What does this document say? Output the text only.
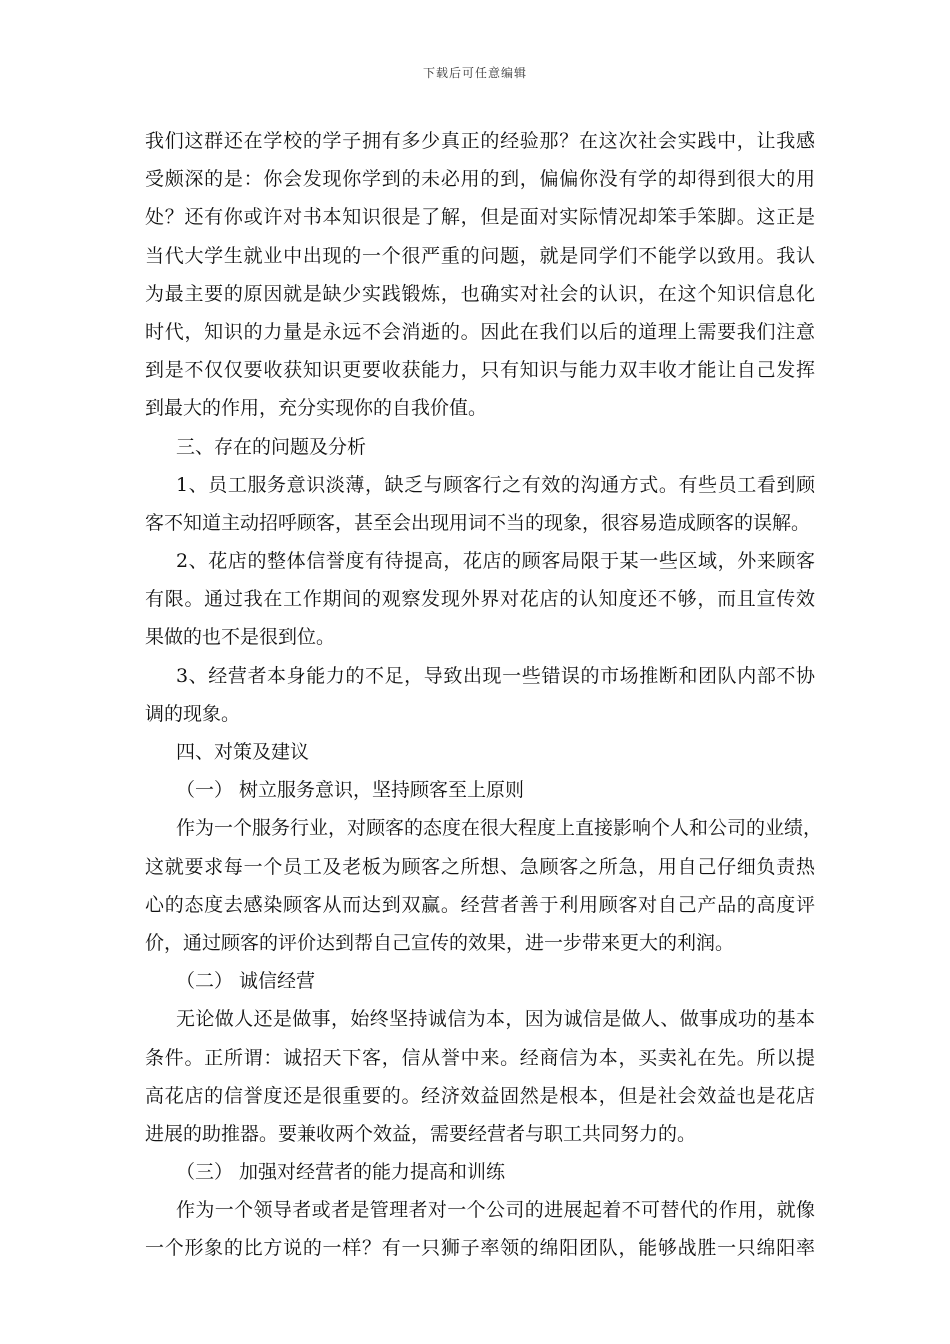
下载后可任意编辑
我们这群还在学校的学子拥有多少真正的经验那？在这次社会实践中，让我感
受颇深的是：你会发现你学到的未必用的到，偏偏你没有学的却得到很大的用
处？还有你或许对书本知识很是了解，但是面对实际情况却笨手笨脚。这正是
当代大学生就业中出现的一个很严重的问题，就是同学们不能学以致用。我认
为最主要的原因就是缺少实践锻炼，也确实对社会的认识，在这个知识信息化
时代，知识的力量是永远不会消逝的。因此在我们以后的道理上需要我们注意
到是不仅仅要收获知识更要收获能力，只有知识与能力双丰收才能让自己发挥
到最大的作用，充分实现你的自我价值。
三、存在的问题及分析
1、员工服务意识淡薄，缺乏与顾客行之有效的沟通方式。有些员工看到顾
客不知道主动招呼顾客，甚至会出现用词不当的现象，很容易造成顾客的误解。
2、花店的整体信誉度有待提高，花店的顾客局限于某一些区域，外来顾客
有限。通过我在工作期间的观察发现外界对花店的认知度还不够，而且宣传效
果做的也不是很到位。
3、经营者本身能力的不足，导致出现一些错误的市场推断和团队内部不协
调的现象。
四、对策及建议
（一） 树立服务意识，坚持顾客至上原则
作为一个服务行业，对顾客的态度在很大程度上直接影响个人和公司的业绩，
这就要求每一个员工及老板为顾客之所想、急顾客之所急，用自己仔细负责热
心的态度去感染顾客从而达到双赢。经营者善于利用顾客对自己产品的高度评
价，通过顾客的评价达到帮自己宣传的效果，进一步带来更大的利润。
（二） 诚信经营
无论做人还是做事，始终坚持诚信为本，因为诚信是做人、做事成功的基本
条件。正所谓：诚招天下客，信从誉中来。经商信为本，买卖礼在先。所以提
高花店的信誉度还是很重要的。经济效益固然是根本，但是社会效益也是花店
进展的助推器。要兼收两个效益，需要经营者与职工共同努力的。
（三） 加强对经营者的能力提高和训练
作为一个领导者或者是管理者对一个公司的进展起着不可替代的作用，就像
一个形象的比方说的一样？有一只狮子率领的绵阳团队，能够战胜一只绵阳率
